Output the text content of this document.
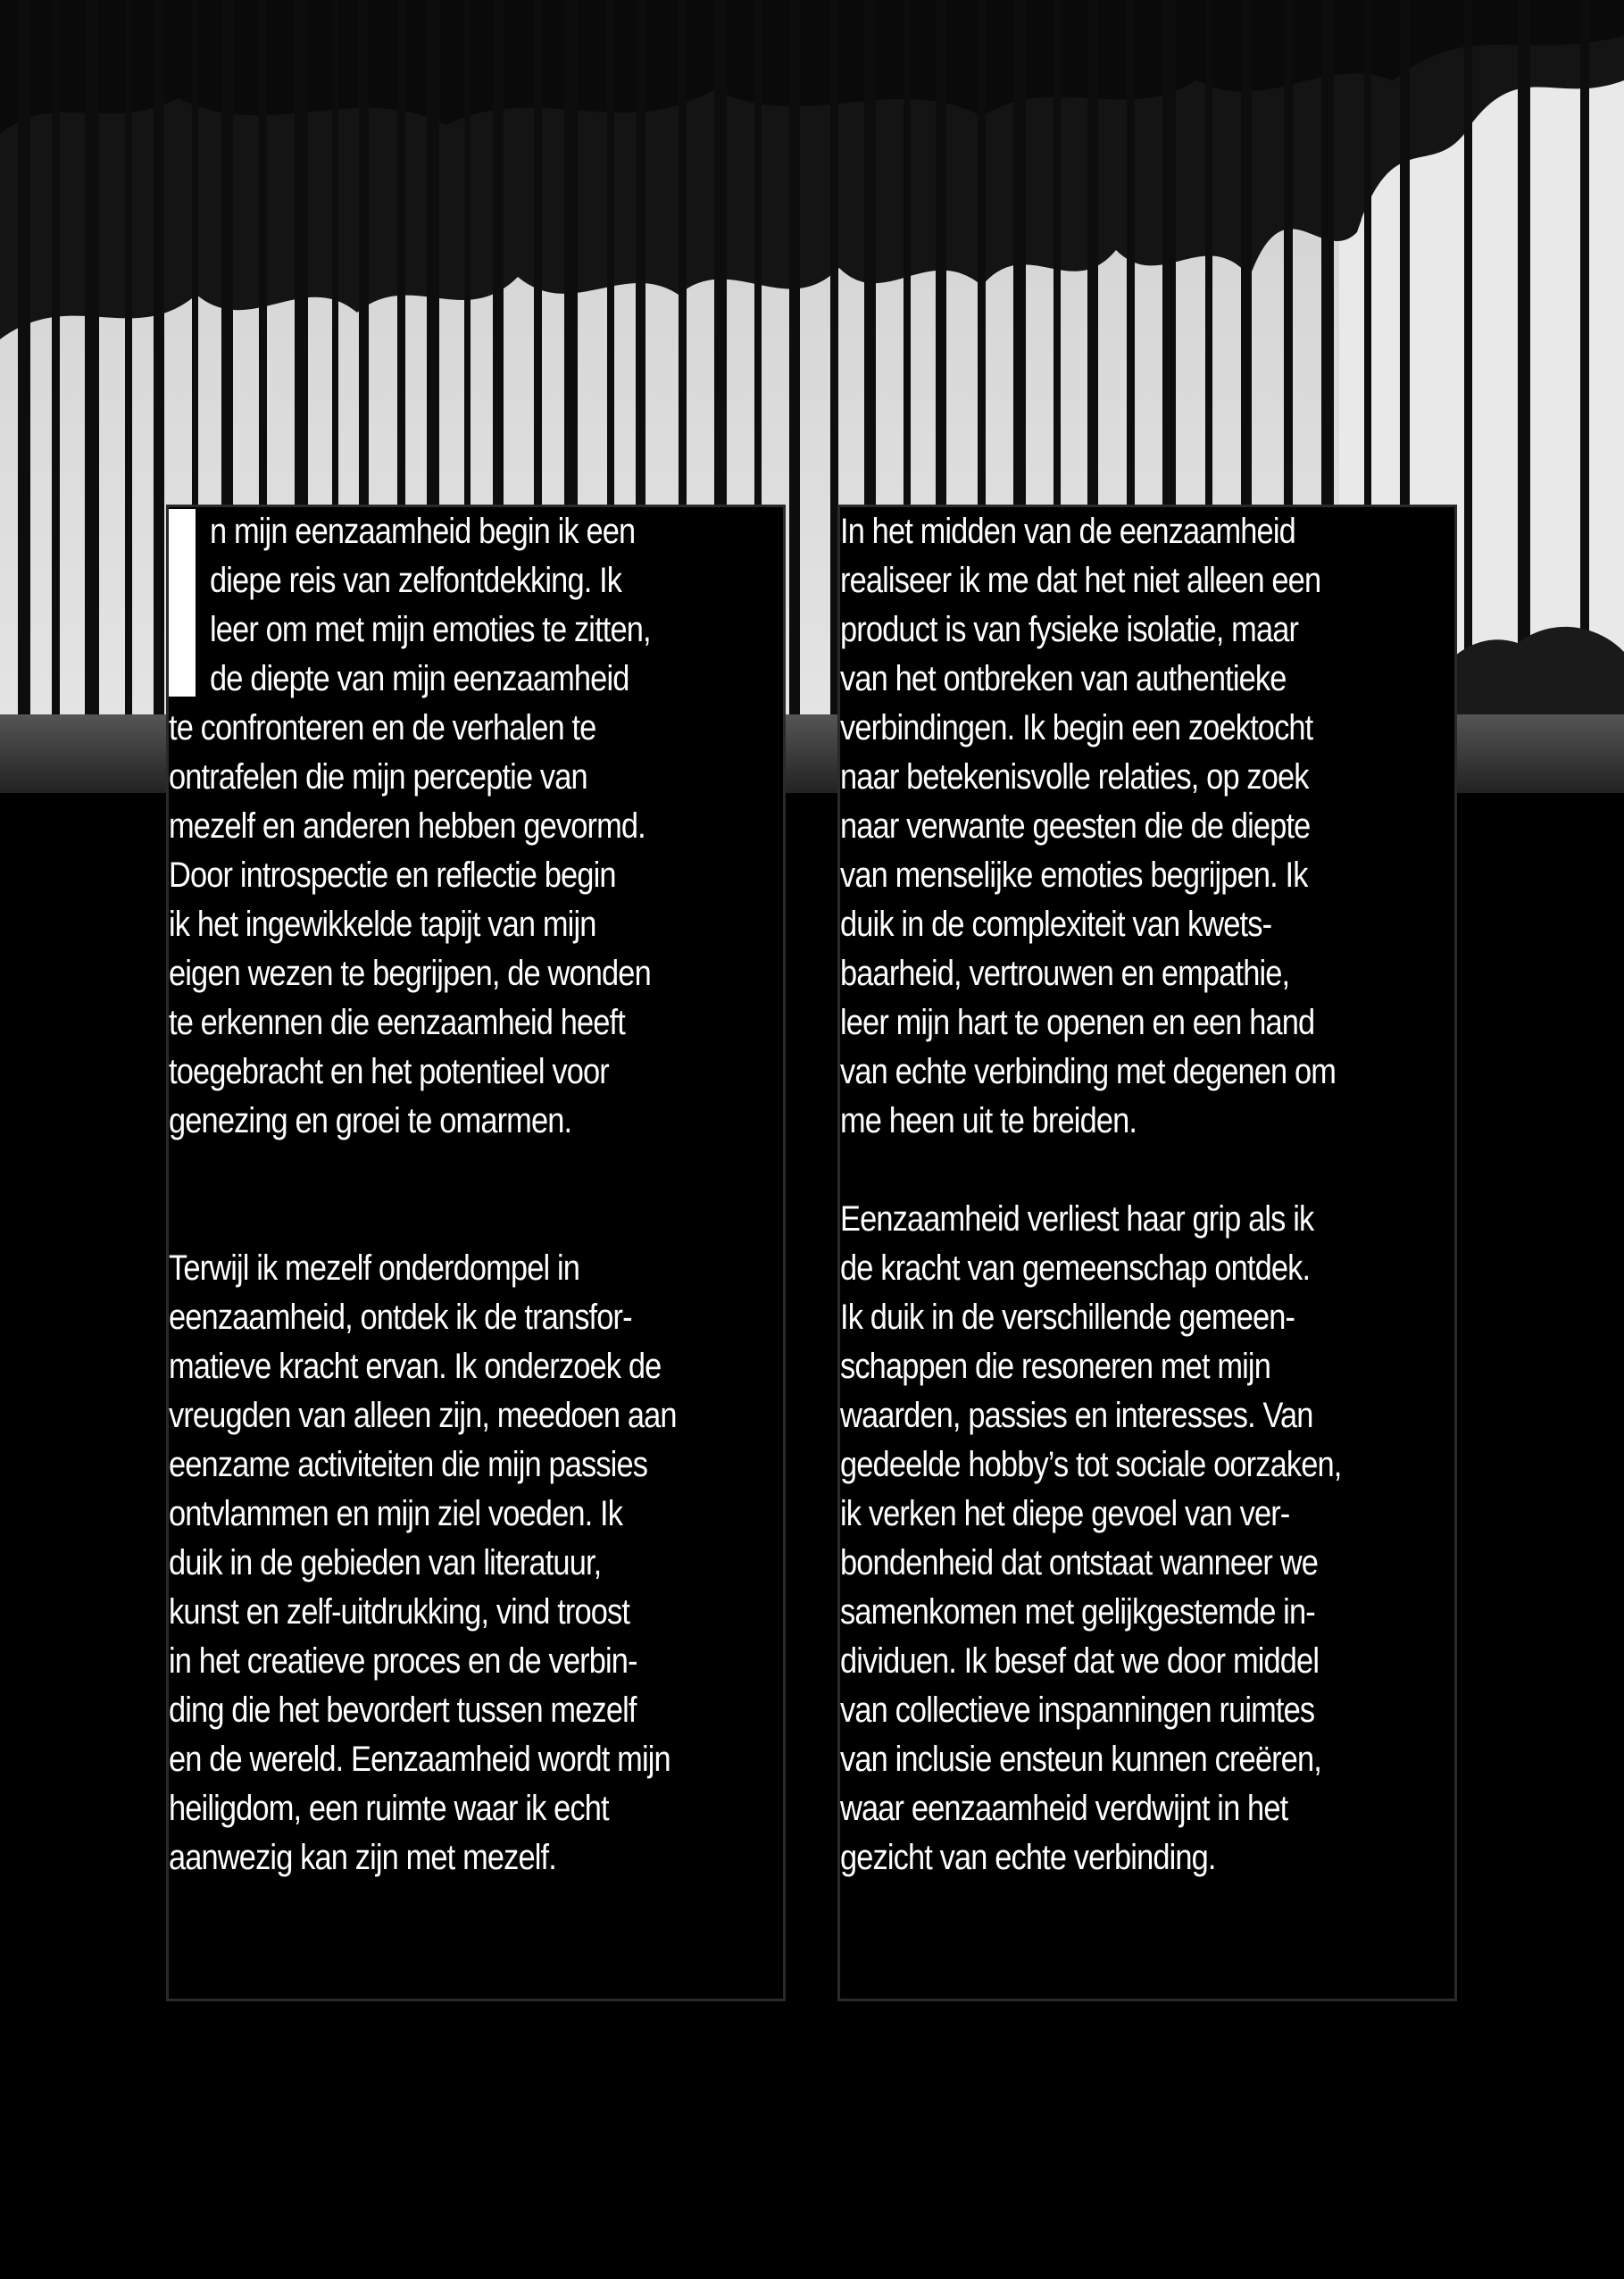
n mijn eenzaamheid begin ik een
diepe reis van zelfontdekking. Ik
leer om met mijn emoties te zitten,
de diepte van mijn eenzaamheid

te confronteren en de verhalen te
ontrafelen die mijn perceptie van
mezelf en anderen hebben gevormd.
Door introspectie en reflectie begin
ik het ingewikkelde tapijt van mijn
eigen wezen te begrijpen, de wonden
te erkennen die eenzaamheid heeft
toegebracht en het potentieel voor
genezing en groei te omarmen.

Terwijl ik mezelf onderdompel in
eenzaamheid, ontdek ik de transfor-
matieve kracht ervan. Ik onderzoek de
vreugden van alleen zijn, meedoen aan
eenzame activiteiten die mijn passies
ontvlammen en mijn ziel voeden. Ik
duik in de gebieden van literatuur,
kunst en zelf-uitdrukking, vind troost
in het creatieve proces en de verbin-
ding die het bevordert tussen mezelf
en de wereld. Eenzaamheid wordt mijn
heiligdom, een ruimte waar ik echt
aanwezig kan zijn met mezelf.

In het midden van de eenzaamheid
realiseer ik me dat het niet alleen een
product is van fysieke isolatie, maar
van het ontbreken van authentieke
verbindingen. Ik begin een zoektocht
naar betekenisvolle relaties, op zoek
naar verwante geesten die de diepte
van menselijke emoties begrijpen. Ik
duik in de complexiteit van kwets-
baarheid, vertrouwen en empathie,
leer mijn hart te openen en een hand
van echte verbinding met degenen om
me heen uit te breiden.

Eenzaamheid verliest haar grip als ik
de kracht van gemeenschap ontdek.
Ik duik in de verschillende gemeen-
schappen die resoneren met mijn
waarden, passies en interesses. Van
gedeelde hobby’s tot sociale oorzaken,
ik verken het diepe gevoel van ver-
bondenheid dat ontstaat wanneer we
samenkomen met gelijkgestemde in-
dividuen. Ik besef dat we door middel
van collectieve inspanningen ruimtes
van inclusie ensteun kunnen creëren,
waar eenzaamheid verdwijnt in het
gezicht van echte verbinding.
